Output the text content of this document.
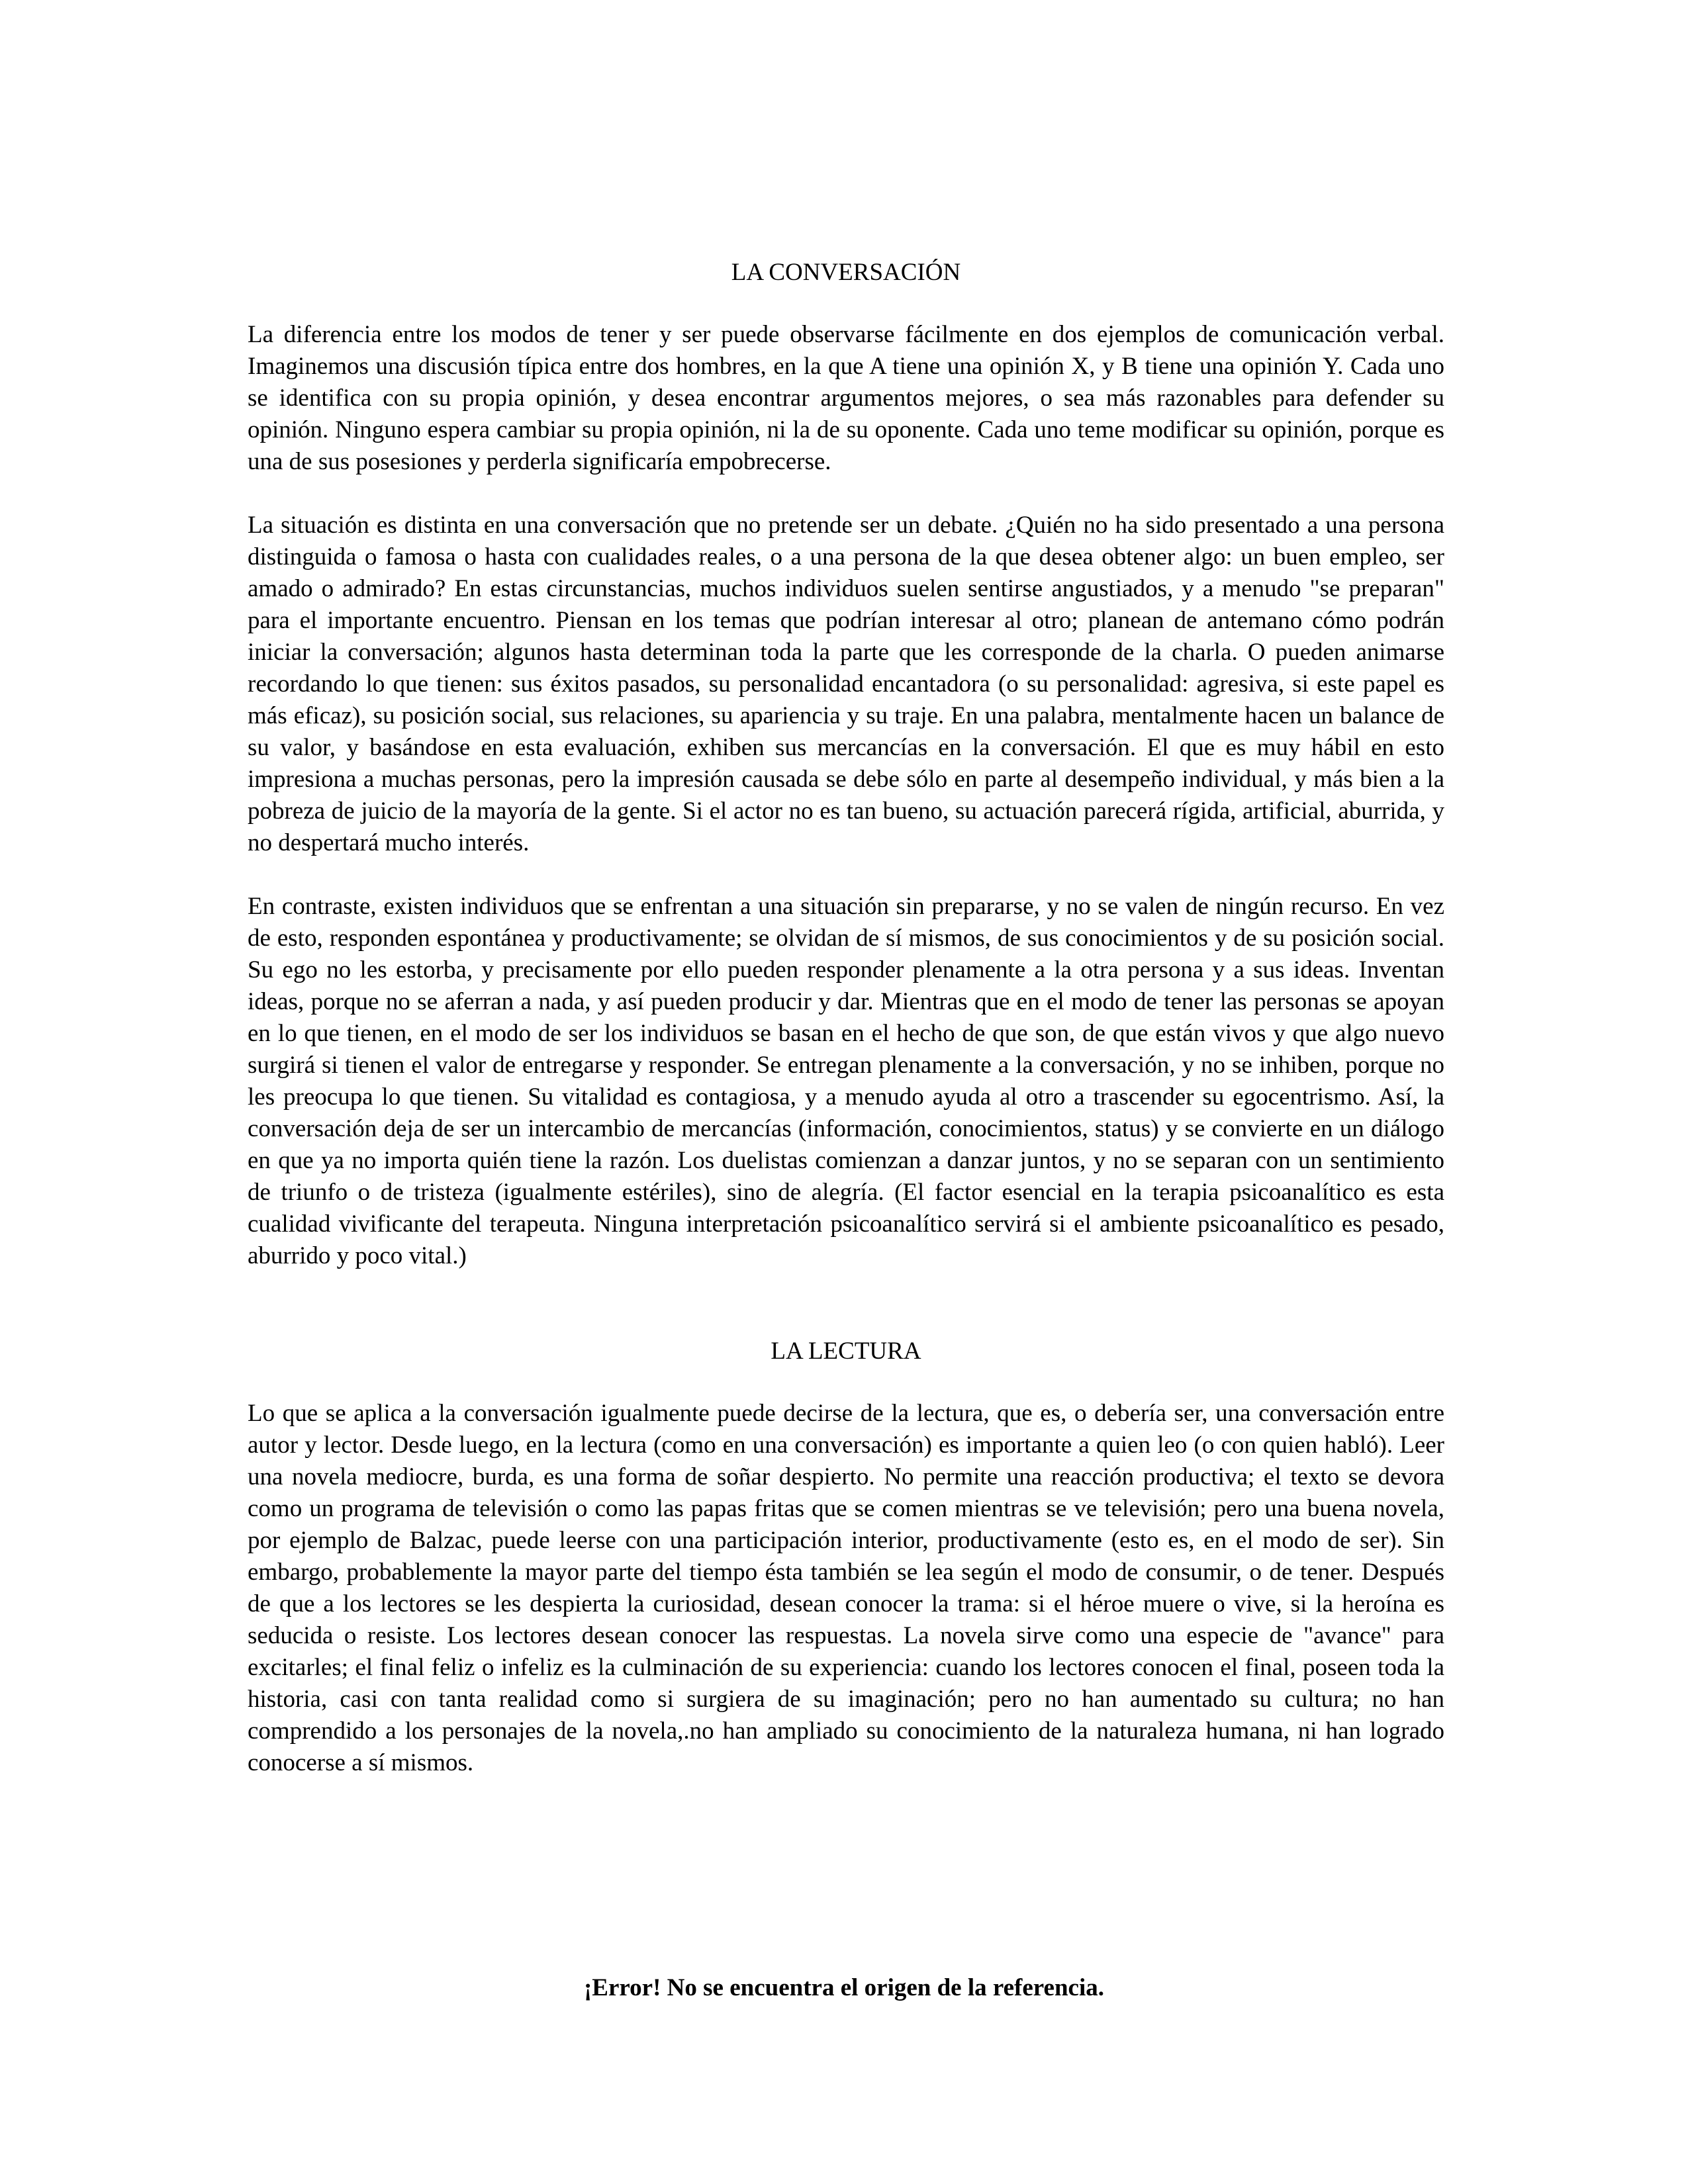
LA CONVERSACIÓN

La diferencia entre los modos de tener y ser puede observarse fácilmente en dos ejemplos de comunicación verbal. Imaginemos una discusión típica entre dos hombres, en la que A tiene una opinión X, y B tiene una opinión Y. Cada uno se identifica con su propia opinión, y desea encontrar argumentos mejores, o sea más razonables para defender su opinión. Ninguno espera cambiar su propia opinión, ni la de su oponente. Cada uno teme modificar su opinión, porque es una de sus posesiones y perderla significaría empobrecerse.

La situación es distinta en una conversación que no pretende ser un debate. ¿Quién no ha sido presentado a una persona distinguida o famosa o hasta con cualidades reales, o a una persona de la que desea obtener algo: un buen empleo, ser amado o admirado? En estas circunstancias, muchos individuos suelen sentirse angustiados, y a menudo "se preparan" para el importante encuentro. Piensan en los temas que podrían interesar al otro; planean de antemano cómo podrán iniciar la conversación; algunos hasta determinan toda la parte que les corresponde de la charla. O pueden animarse recordando lo que tienen: sus éxitos pasados, su personalidad encantadora (o su personalidad: agresiva, si este papel es más eficaz), su posición social, sus relaciones, su apariencia y su traje. En una palabra, mentalmente hacen un balance de su valor, y basándose en esta evaluación, exhiben sus mercancías en la conversación. El que es muy hábil en esto impresiona a muchas personas, pero la impresión causada se debe sólo en parte al desempeño individual, y más bien a la pobreza de juicio de la mayoría de la gente. Si el actor no es tan bueno, su actuación parecerá rígida, artificial, aburrida, y no despertará mucho interés.

En contraste, existen individuos que se enfrentan a una situación sin prepararse, y no se valen de ningún recurso. En vez de esto, responden espontánea y productivamente; se olvidan de sí mismos, de sus conocimientos y de su posición social. Su ego no les estorba, y precisamente por ello pueden responder plenamente a la otra persona y a sus ideas. Inventan ideas, porque no se aferran a nada, y así pueden producir y dar. Mientras que en el modo de tener las personas se apoyan en lo que tienen, en el modo de ser los individuos se basan en el hecho de que son, de que están vivos y que algo nuevo surgirá si tienen el valor de entregarse y responder. Se entregan plenamente a la conversación, y no se inhiben, porque no les preocupa lo que tienen. Su vitalidad es contagiosa, y a menudo ayuda al otro a trascender su egocentrismo. Así, la conversación deja de ser un intercambio de mercancías (información, conocimientos, status) y se convierte en un diálogo en que ya no importa quién tiene la razón. Los duelistas comienzan a danzar juntos, y no se separan con un sentimiento de triunfo o de tristeza (igualmente estériles), sino de alegría. (El factor esencial en la terapia psicoanalítico es esta cualidad vivificante del terapeuta. Ninguna interpretación psicoanalítico servirá si el ambiente psicoanalítico es pesado, aburrido y poco vital.)

LA LECTURA

Lo que se aplica a la conversación igualmente puede decirse de la lectura, que es, o debería ser, una conversación entre autor y lector. Desde luego, en la lectura (como en una conversación) es importante a quien leo (o con quien habló). Leer una novela mediocre, burda, es una forma de soñar despierto. No permite una reacción productiva; el texto se devora como un programa de televisión o como las papas fritas que se comen mientras se ve televisión; pero una buena novela, por ejemplo de Balzac, puede leerse con una participación interior, productivamente (esto es, en el modo de ser). Sin embargo, probablemente la mayor parte del tiempo ésta también se lea según el modo de consumir, o de tener. Después de que a los lectores se les despierta la curiosidad, desean conocer la trama: si el héroe muere o vive, si la heroína es seducida o resiste. Los lectores desean conocer las respuestas. La novela sirve como una especie de "avance" para excitarles; el final feliz o infeliz es la culminación de su experiencia: cuando los lectores conocen el final, poseen toda la historia, casi con tanta realidad como si surgiera de su imaginación; pero no han aumentado su cultura; no han comprendido a los personajes de la novela,.no han ampliado su conocimiento de la naturaleza humana, ni han logrado conocerse a sí mismos.

¡Error! No se encuentra el origen de la referencia.
